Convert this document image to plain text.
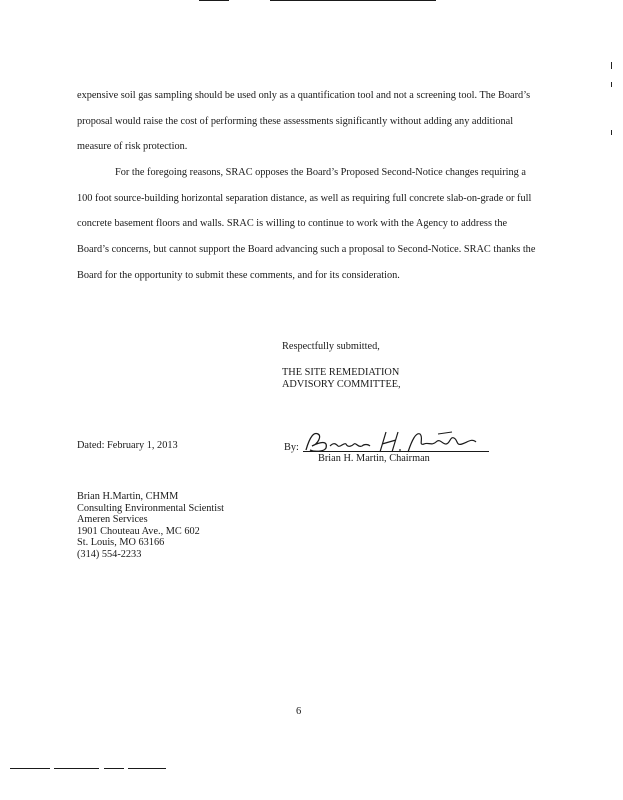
expensive soil gas sampling should be used only as a quantification tool and not a screening tool. The Board’s proposal would raise the cost of performing these assessments significantly without adding any additional measure of risk protection.

For the foregoing reasons, SRAC opposes the Board’s Proposed Second-Notice changes requiring a 100 foot source-building horizontal separation distance, as well as requiring full concrete slab-on-grade or full concrete basement floors and walls. SRAC is willing to continue to work with the Agency to address the Board’s concerns, but cannot support the Board advancing such a proposal to Second-Notice. SRAC thanks the Board for the opportunity to submit these comments, and for its consideration.

Respectfully submitted,
THE SITE REMEDIATION
ADVISORY COMMITTEE,
Dated: February 1, 2013	By:
Brian H. Martin, Chairman
Brian H.Martin, CHMM
Consulting Environmental Scientist
Ameren Services
1901 Chouteau Ave., MC 602
St. Louis, MO 63166
(314) 554-2233
6
